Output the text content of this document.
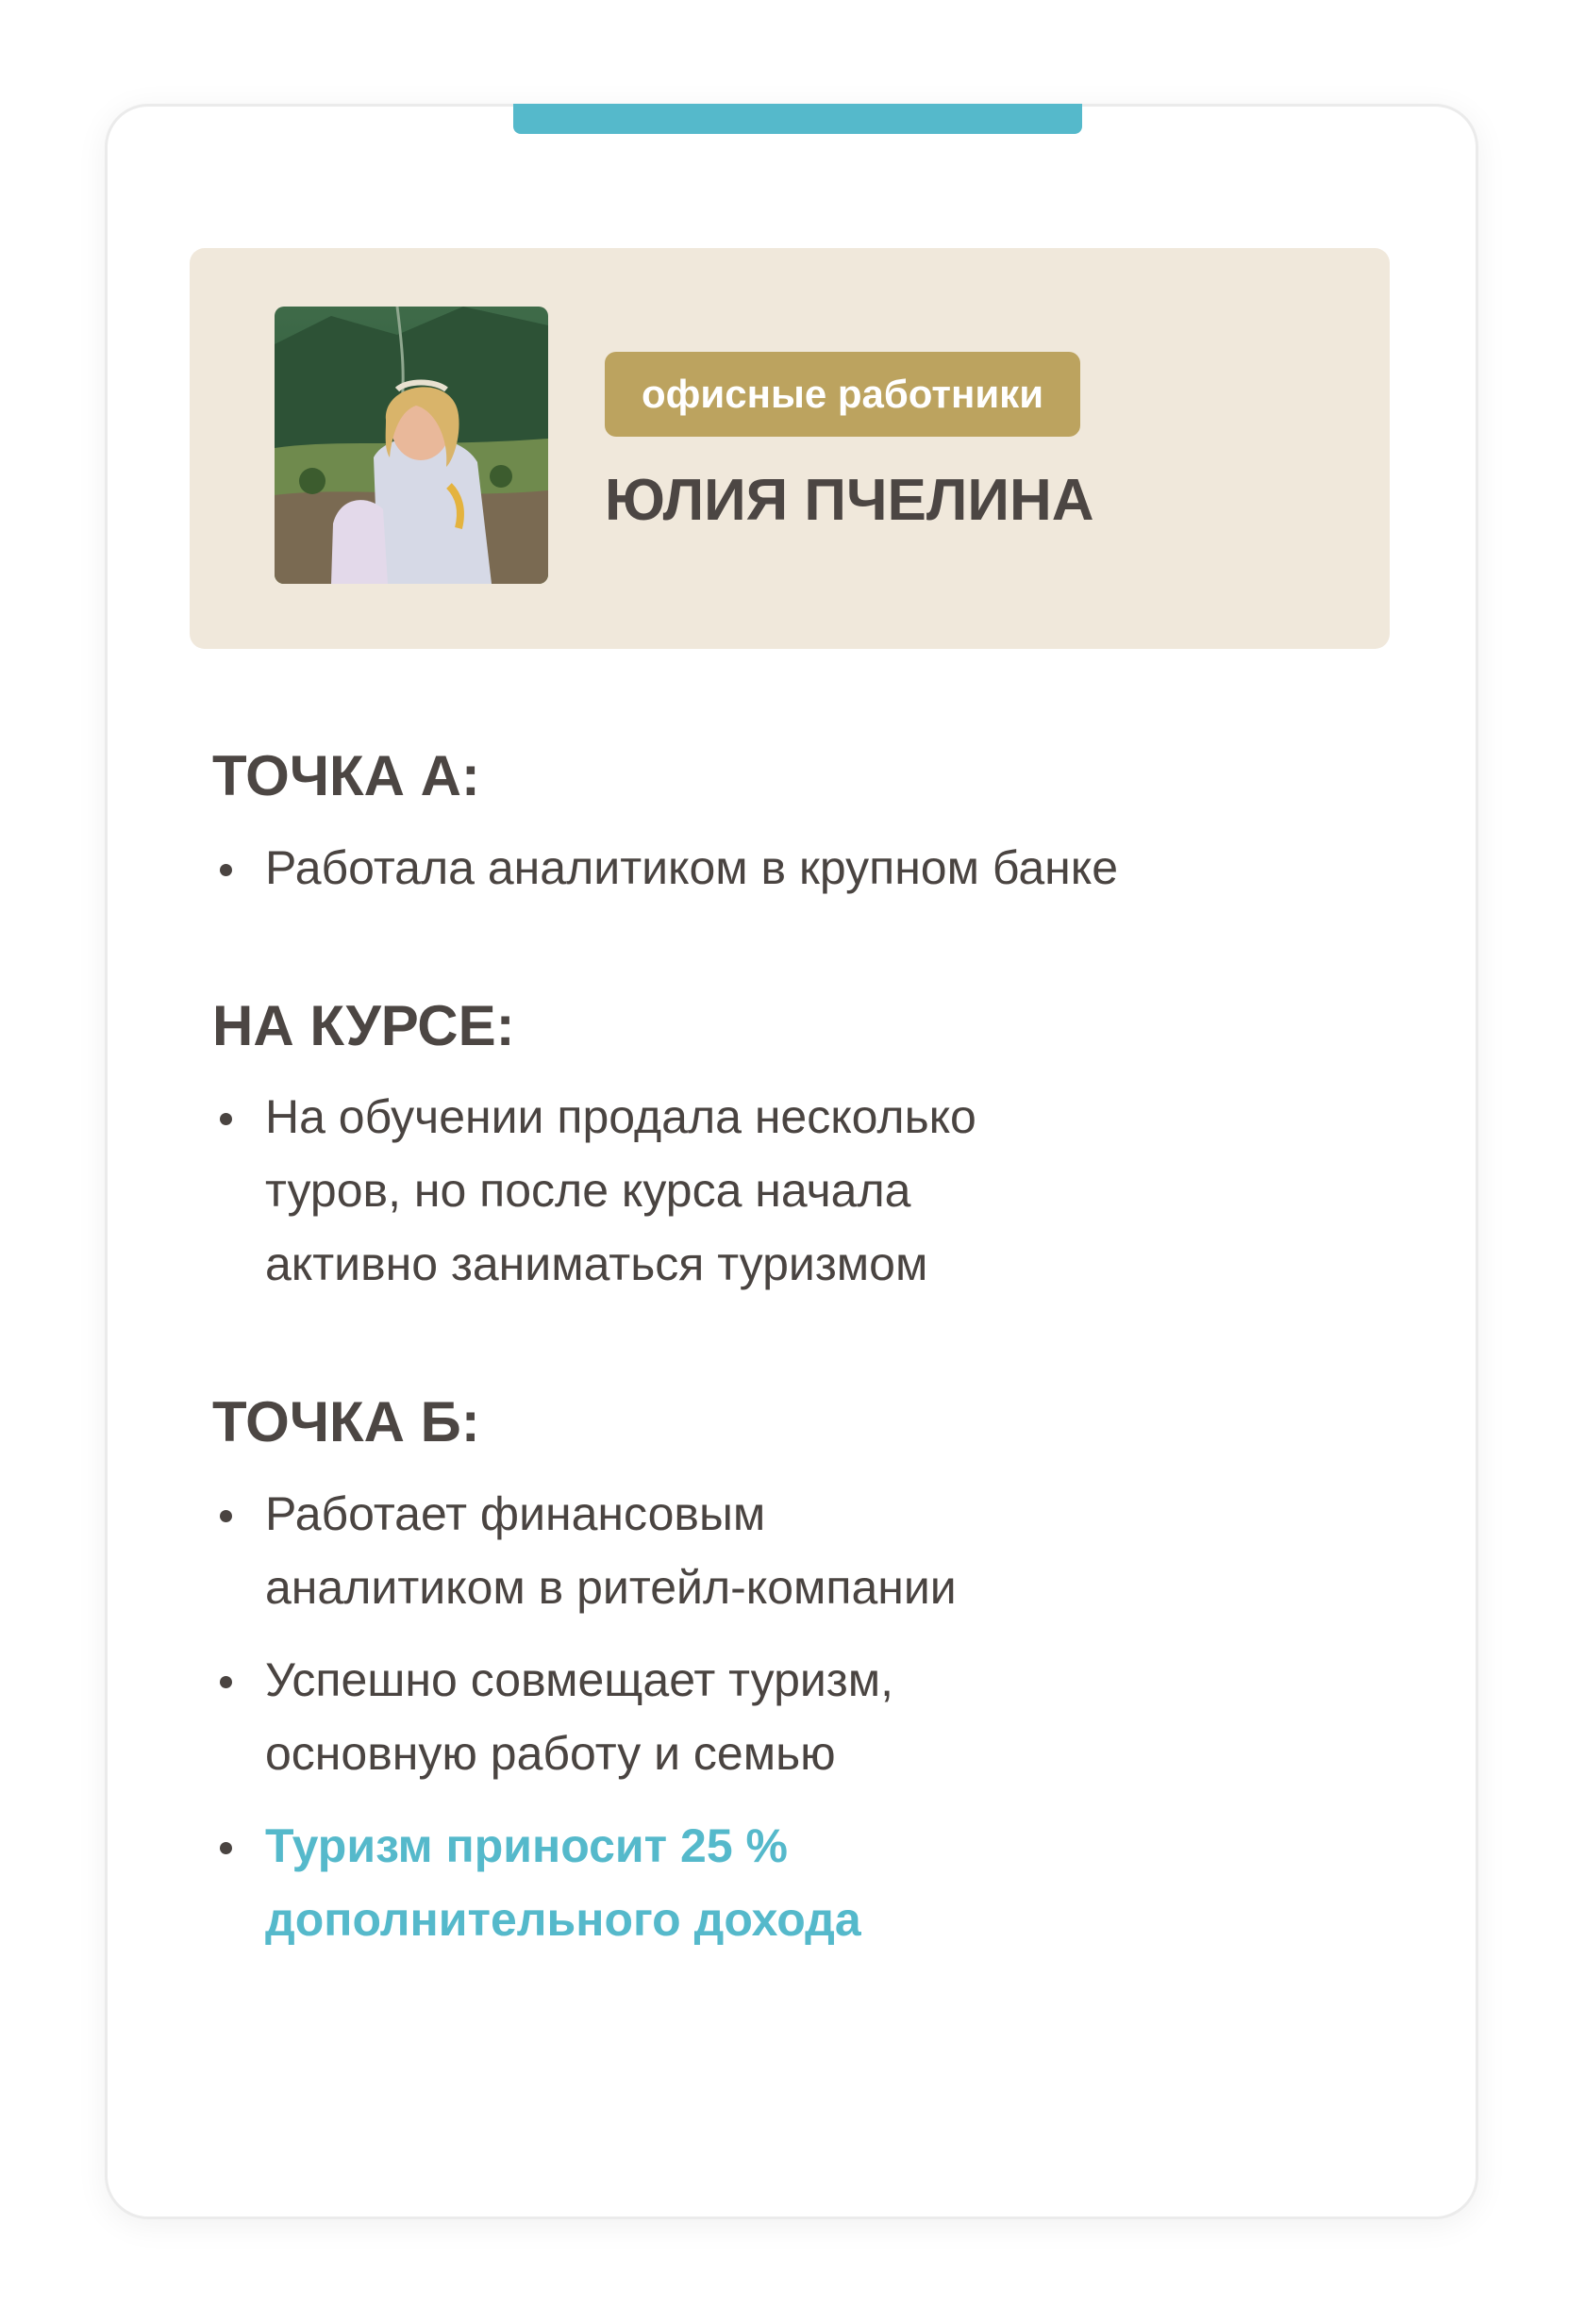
офисные работники
ЮЛИЯ ПЧЕЛИНА
ТОЧКА А:
Работала аналитиком в крупном банке
НА КУРСЕ:
На обучении продала несколько
туров, но после курса начала
активно заниматься туризмом
ТОЧКА Б:
Работает финансовым
аналитиком в ритейл-компании
Успешно совмещает туризм,
основную работу и семью
Туризм приносит 25 %
дополнительного дохода
